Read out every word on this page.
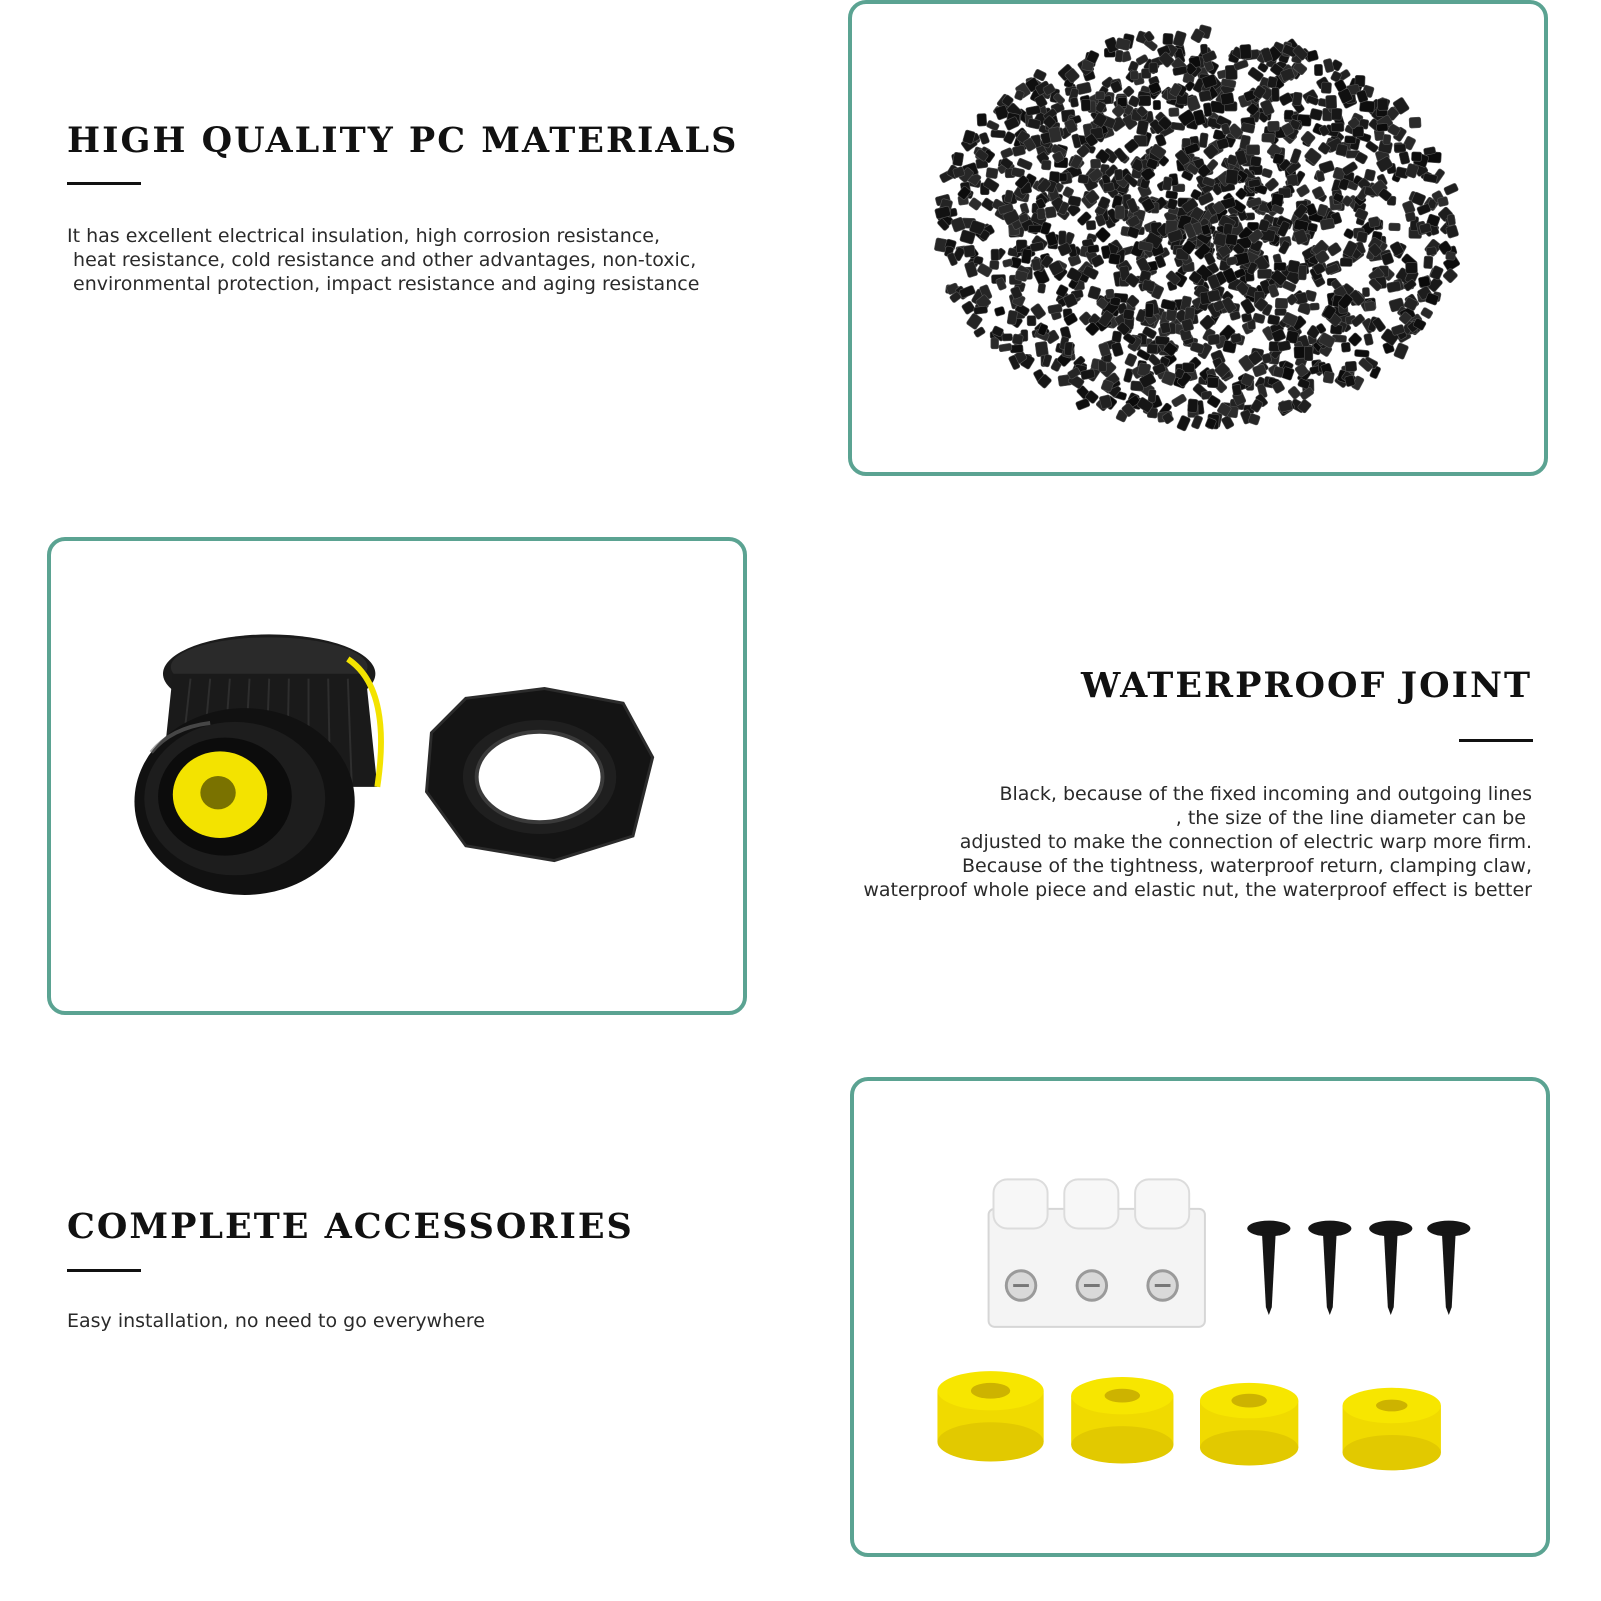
HIGH QUALITY PC MATERIALS

It has excellent electrical insulation, high corrosion resistance,
heat resistance, cold resistance and other advantages, non-toxic,
environmental protection, impact resistance and aging resistance

WATERPROOF JOINT

Black, because of the fixed incoming and outgoing lines
, the size of the line diameter can be
adjusted to make the connection of electric warp more firm.
Because of the tightness, waterproof return, clamping claw,
waterproof whole piece and elastic nut, the waterproof effect is better

COMPLETE ACCESSORIES

Easy installation, no need to go everywhere
